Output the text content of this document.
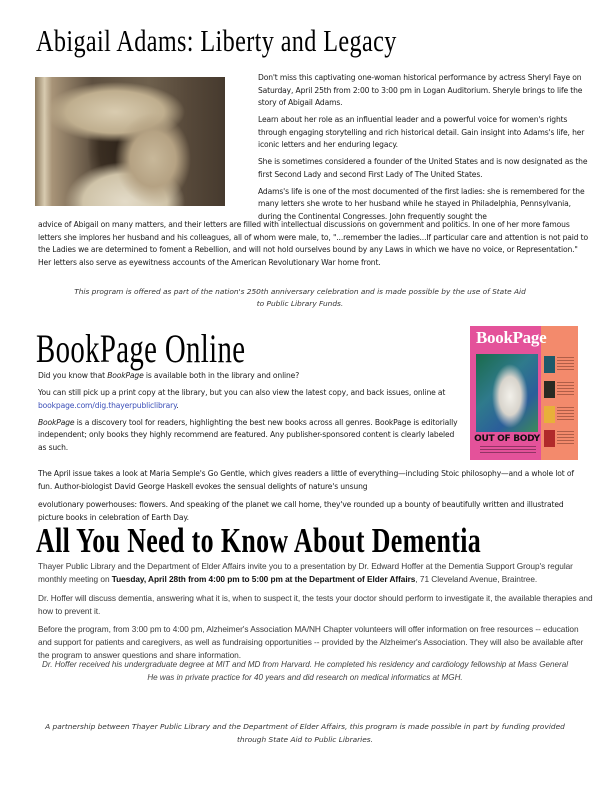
Abigail Adams: Liberty and Legacy

Don't miss this captivating one-woman historical performance by actress Sheryl Faye on Saturday, April 25th from 2:00 to 3:00 pm in Logan Auditorium. Sheryle brings to life the story of Abigail Adams.

Learn about her role as an influential leader and a powerful voice for women's rights through engaging storytelling and rich historical detail. Gain insight into Adams's life, her iconic letters and her enduring legacy.

She is sometimes considered a founder of the United States and is now designated as the first Second Lady and second First Lady of The United States.

Adams's life is one of the most documented of the first ladies: she is remembered for the many letters she wrote to her husband while he stayed in Philadelphia, Pennsylvania, during the Continental Congresses. John frequently sought the

advice of Abigail on many matters, and their letters are filled with intellectual discussions on government and politics. In one of her more famous letters she implores her husband and his colleagues, all of whom were male, to, "...remember the ladies...If particular care and attention is not paid to the Ladies we are determined to foment a Rebellion, and will not hold ourselves bound by any Laws in which we have no voice, or Representation." Her letters also serve as eyewitness accounts of the American Revolutionary War home front.

This program is offered as part of the nation's 250th anniversary celebration and is made possible by the use of State Aid to Public Library Funds.
BookPage Online

Did you know that BookPage is available both in the library and online?

You can still pick up a print copy at the library, but you can also view the latest copy, and back issues, online at bookpage.com/dig.thayerpubliclibrary.

BookPage is a discovery tool for readers, highlighting the best new books across all genres. BookPage is editorially independent; only books they highly recommend are featured. Any publisher-sponsored content is clearly labeled as such.

The April issue takes a look at Maria Semple's Go Gentle, which gives readers a little of everything—including Stoic philosophy—and a whole lot of fun. Author-biologist David George Haskell evokes the sensual delights of nature's unsung

evolutionary powerhouses: flowers. And speaking of the planet we call home, they've rounded up a bounty of beautifully written and illustrated picture books in celebration of Earth Day.

BookPage
OUT OF BODY
All You Need to Know About Dementia

Thayer Public Library and the Department of Elder Affairs invite you to a presentation by Dr. Edward Hoffer at the Dementia Support Group's regular monthly meeting on Tuesday, April 28th from 4:00 pm to 5:00 pm at the Department of Elder Affairs, 71 Cleveland Avenue, Braintree.

Dr. Hoffer will discuss dementia, answering what it is, when to suspect it, the tests your doctor should perform to investigate it, the available therapies and how to prevent it.

Before the program, from 3:00 pm to 4:00 pm, Alzheimer's Association MA/NH Chapter volunteers will offer information on free resources -- education and support for patients and caregivers, as well as fundraising opportunities -- provided by the Alzheimer's Association. They will also be available after the program to answer questions and share information.

Dr. Hoffer received his undergraduate degree at MIT and MD from Harvard. He completed his residency and cardiology fellowship at Mass General He was in private practice for 40 years and did research on medical informatics at MGH.
A partnership between Thayer Public Library and the Department of Elder Affairs, this program is made possible in part by funding provided through State Aid to Public Libraries.
